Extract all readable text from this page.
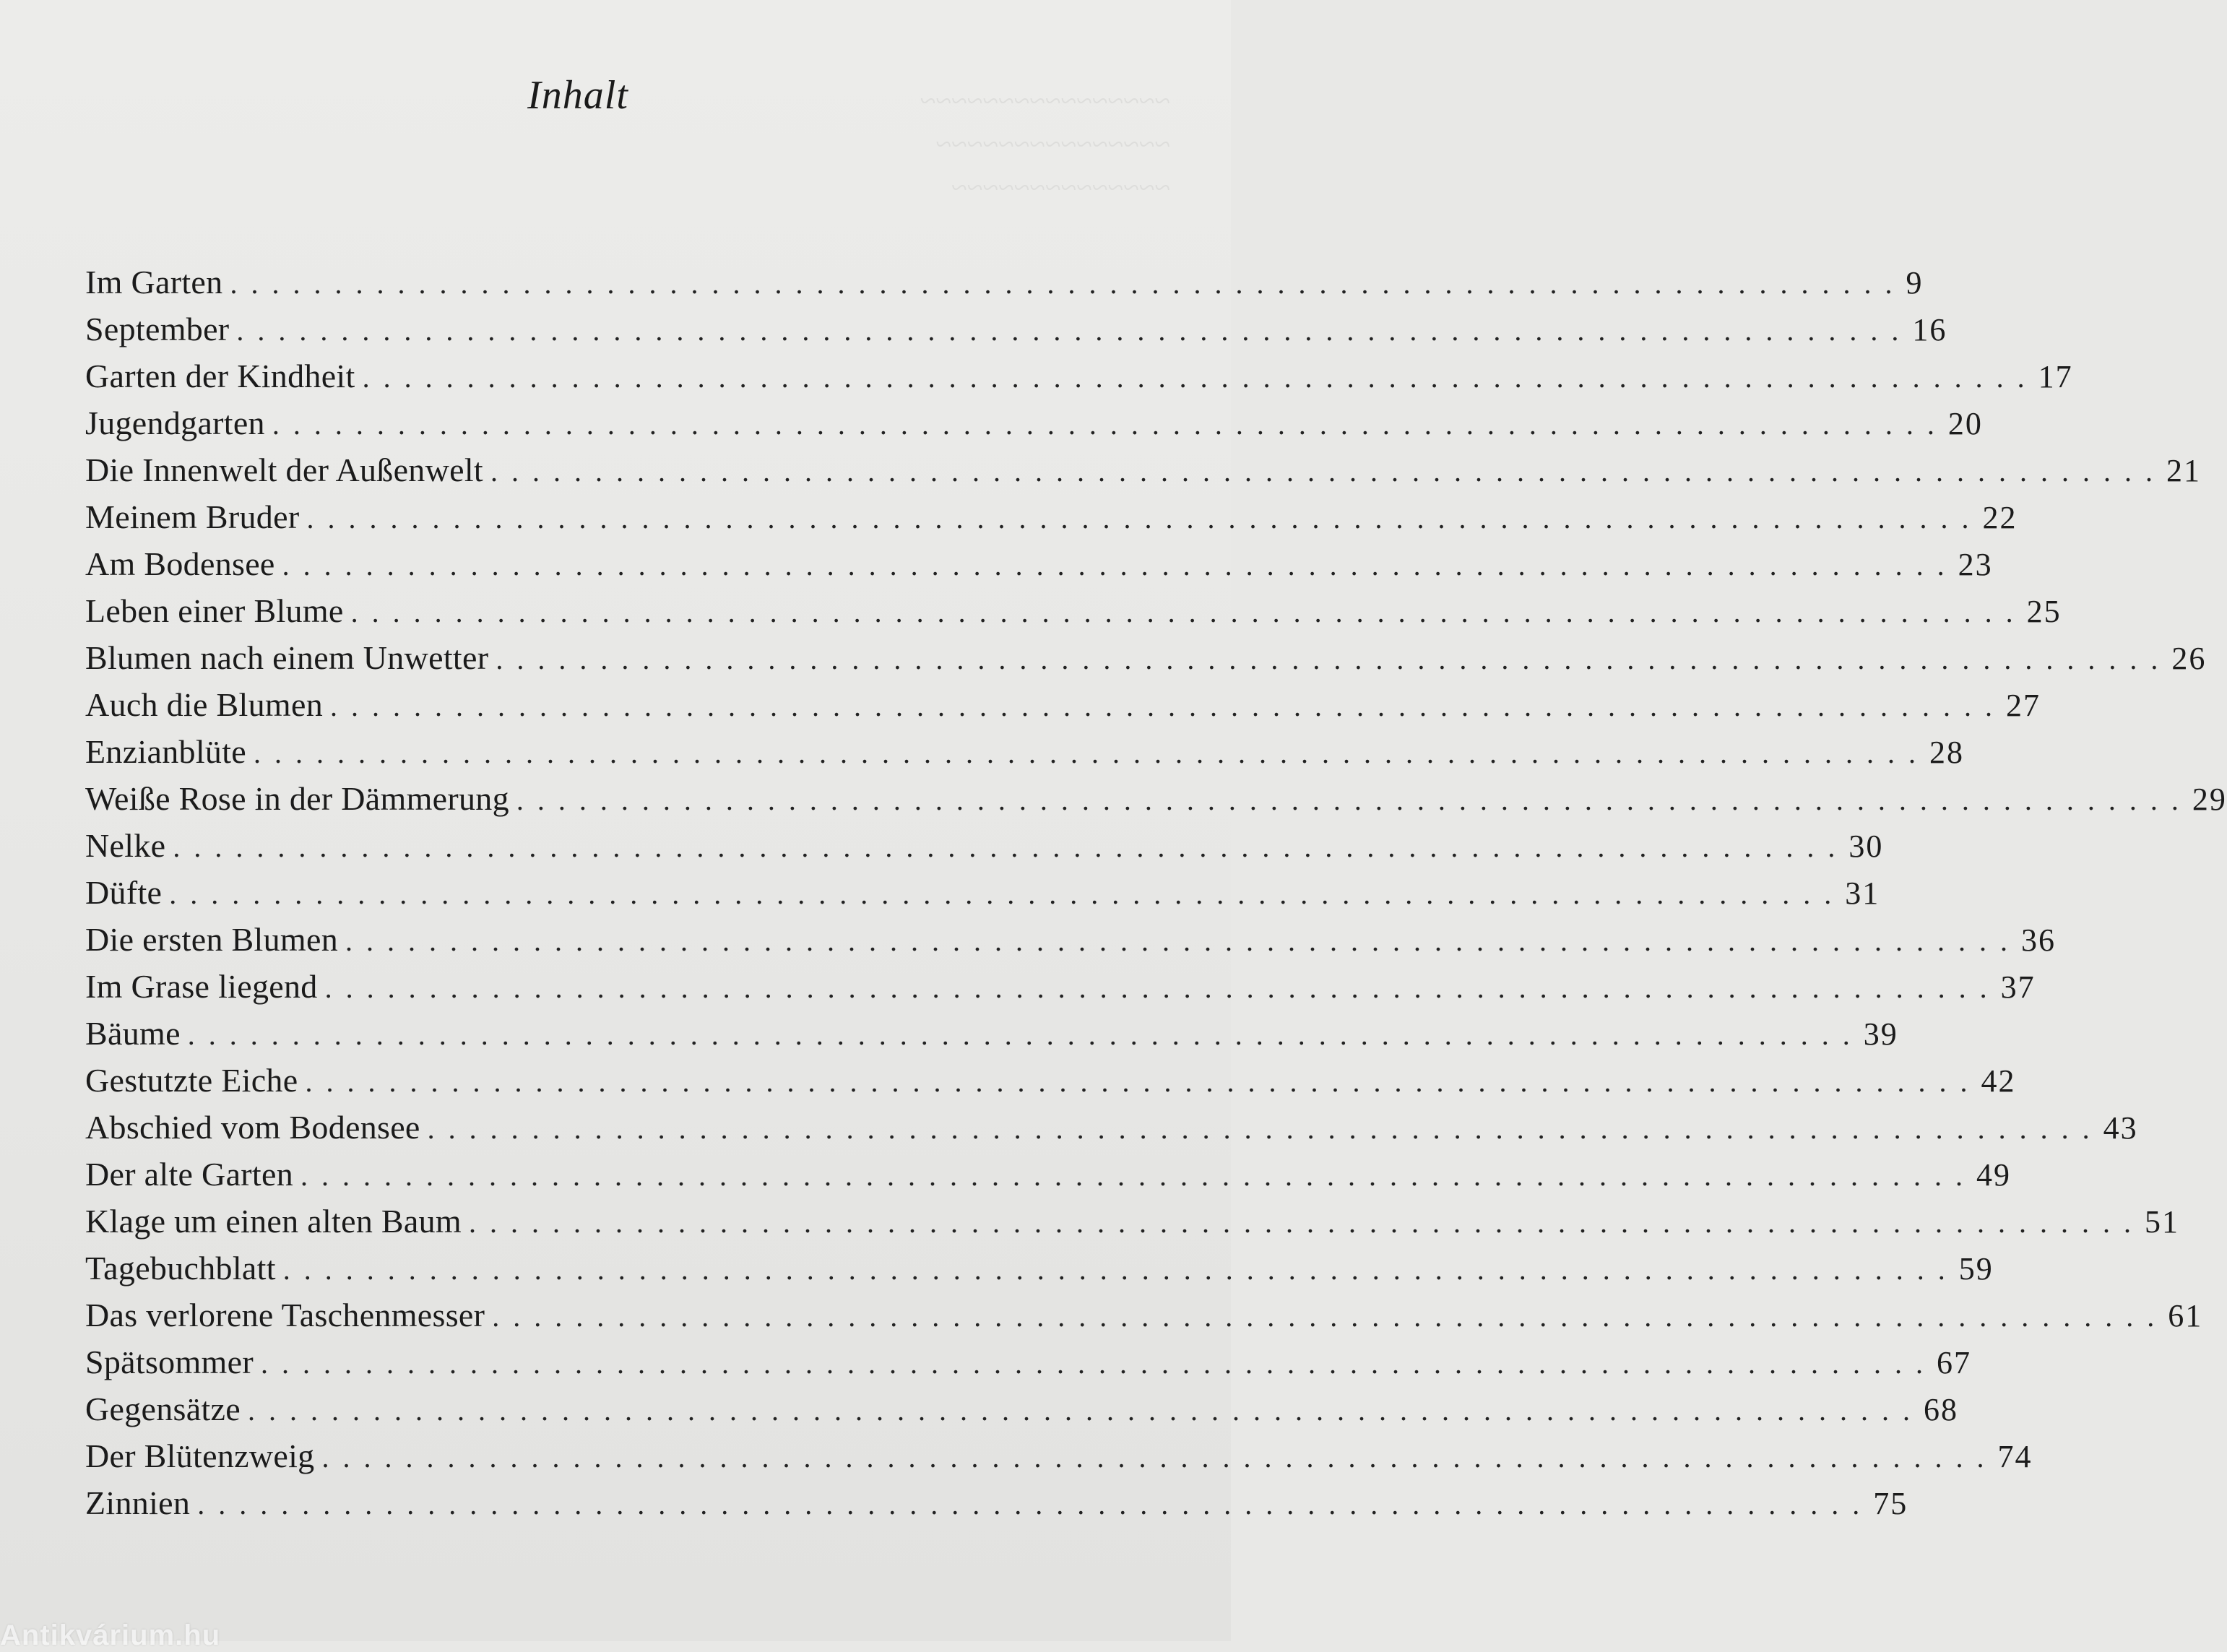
~~~~~~~~~~~~~~~~
~~~~~~~~~~~~~~~
~~~~~~~~~~~~~~
Inhalt
Im Garten ................................................................................ 9
September ................................................................................ 16
Garten der Kindheit ................................................................................ 17
Jugendgarten ................................................................................ 20
Die Innenwelt der Außenwelt ................................................................................ 21
Meinem Bruder ................................................................................ 22
Am Bodensee ................................................................................ 23
Leben einer Blume ................................................................................ 25
Blumen nach einem Unwetter ................................................................................ 26
Auch die Blumen ................................................................................ 27
Enzianblüte ................................................................................ 28
Weiße Rose in der Dämmerung ................................................................................ 29
Nelke ................................................................................ 30
Düfte ................................................................................ 31
Die ersten Blumen ................................................................................ 36
Im Grase liegend ................................................................................ 37
Bäume ................................................................................ 39
Gestutzte Eiche ................................................................................ 42
Abschied vom Bodensee ................................................................................ 43
Der alte Garten ................................................................................ 49
Klage um einen alten Baum ................................................................................ 51
Tagebuchblatt ................................................................................ 59
Das verlorene Taschenmesser ................................................................................ 61
Spätsommer ................................................................................ 67
Gegensätze ................................................................................ 68
Der Blütenzweig ................................................................................ 74
Zinnien ................................................................................ 75
Antikvárium.hu
